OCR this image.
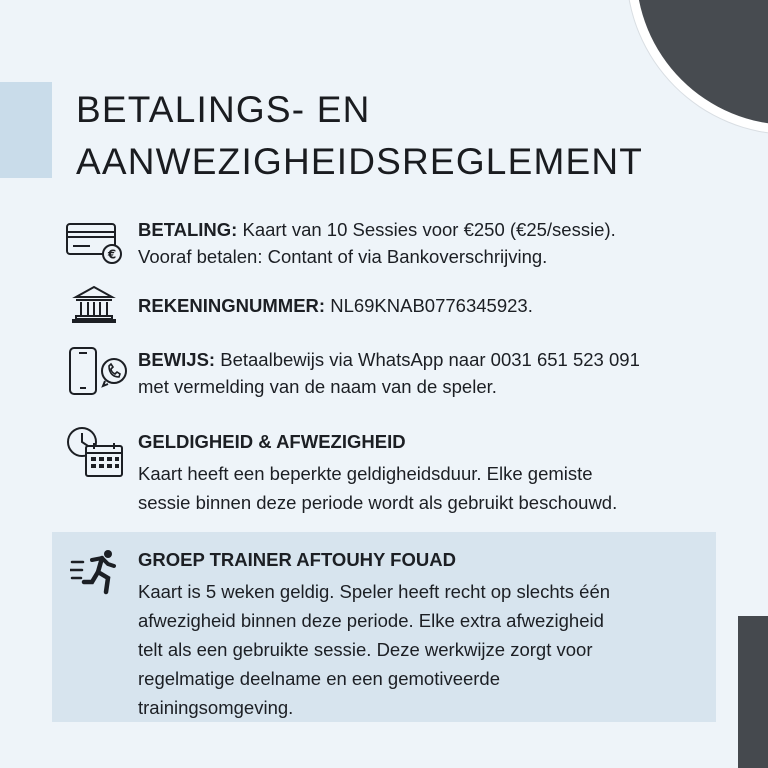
BETALINGS- EN
AANWEZIGHEIDSREGLEMENT
€
BETALING: Kaart van 10 Sessies voor €250 (€25/sessie).
Vooraf betalen: Contant of via Bankoverschrijving.
REKENINGNUMMER: NL69KNAB0776345923.
BEWIJS: Betaalbewijs via WhatsApp naar 0031 651 523 091
met vermelding van de naam van de speler.
GELDIGHEID & AFWEZIGHEID
Kaart heeft een beperkte geldigheidsduur. Elke gemiste
sessie binnen deze periode wordt als gebruikt beschouwd.
GROEP TRAINER AFTOUHY FOUAD
Kaart is 5 weken geldig. Speler heeft recht op slechts één
afwezigheid binnen deze periode. Elke extra afwezigheid
telt als een gebruikte sessie. Deze werkwijze zorgt voor
regelmatige deelname en een gemotiveerde
trainingsomgeving.
